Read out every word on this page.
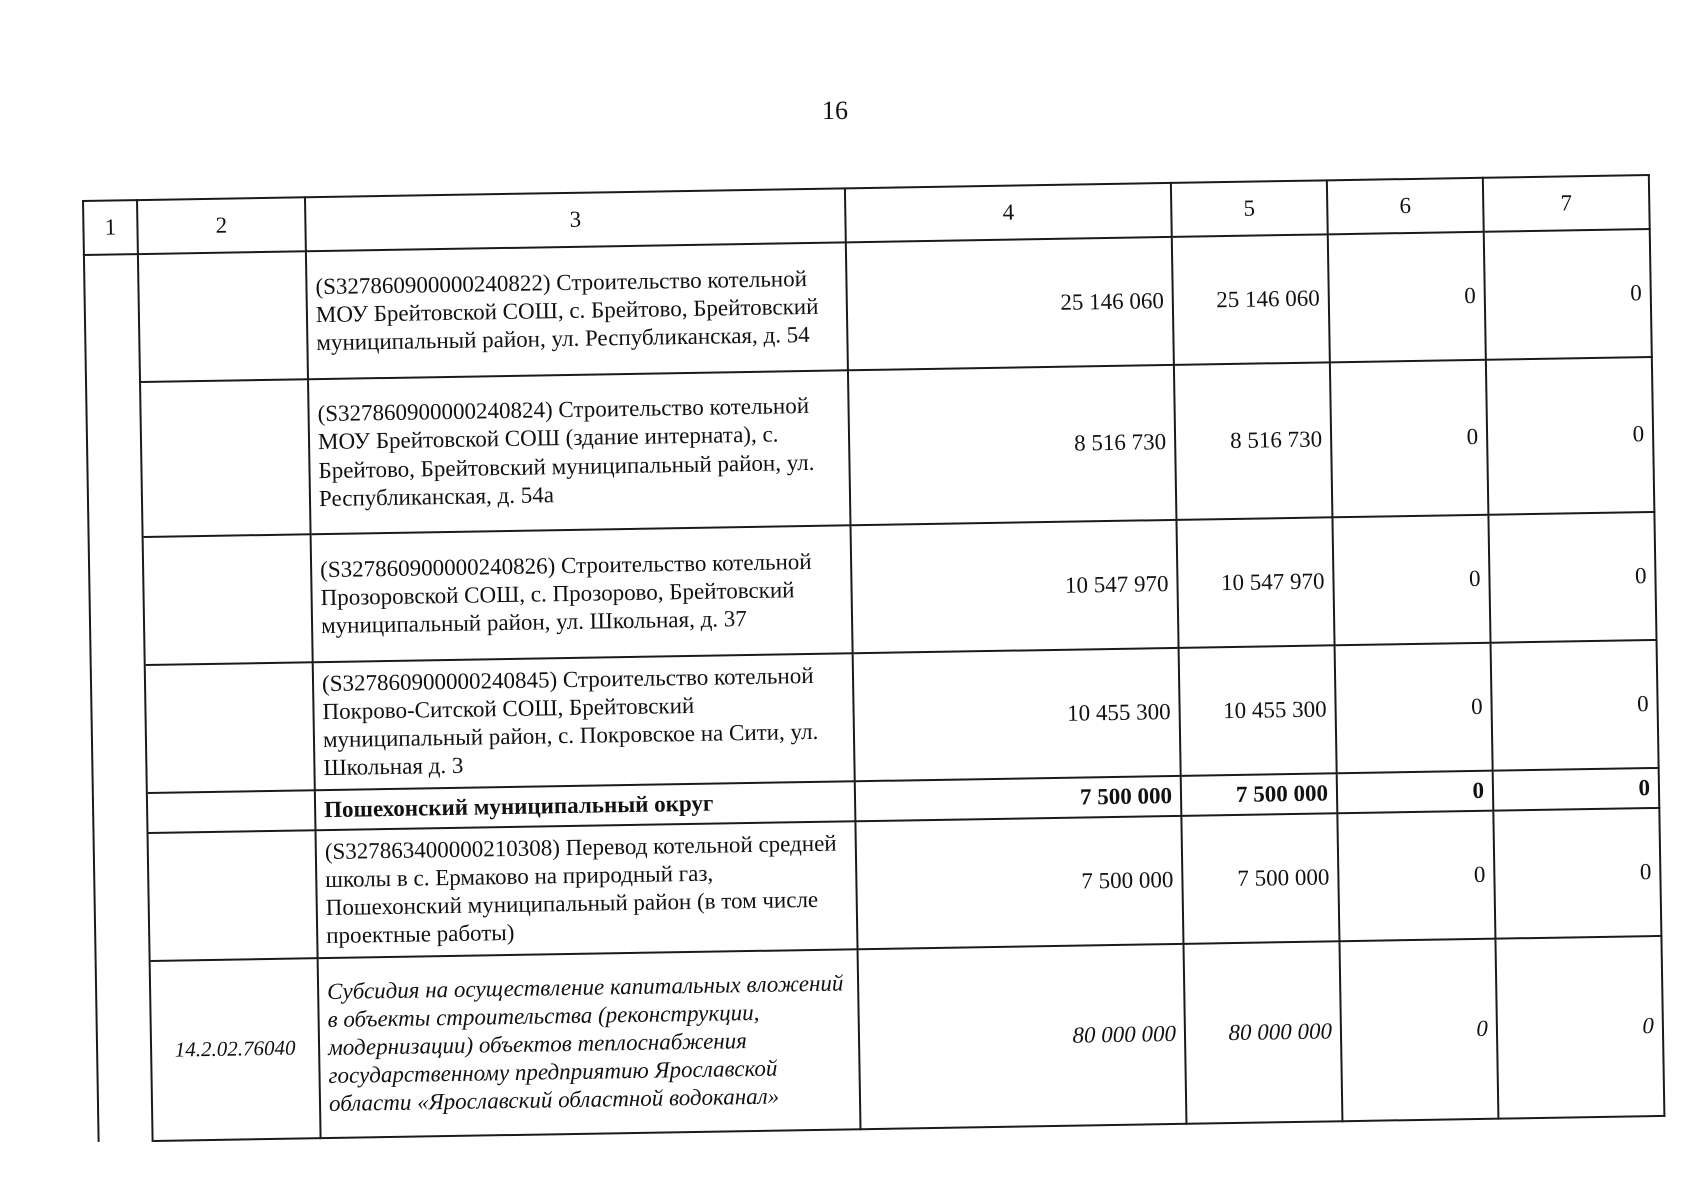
16
1	2	3	4	5	6	7
		(S327860900000240822) Строительство котельной МОУ Брейтовской СОШ, с. Брейтово, Брейтовский муниципальный район, ул. Республиканская, д. 54	25 146 060	25 146 060	0	0
		(S327860900000240824) Строительство котельной МОУ Брейтовской СОШ (здание интерната), с. Брейтово, Брейтовский муниципальный район, ул. Республиканская, д. 54а	8 516 730	8 516 730	0	0
		(S327860900000240826) Строительство котельной Прозоровской СОШ, с. Прозорово, Брейтовский муниципальный район, ул. Школьная, д. 37	10 547 970	10 547 970	0	0
		(S327860900000240845) Строительство котельной Покрово-Ситской СОШ, Брейтовский муниципальный район, с. Покровское на Сити, ул. Школьная д. 3	10 455 300	10 455 300	0	0
		Пошехонский муниципальный округ	7 500 000	7 500 000	0	0
		(S327863400000210308) Перевод котельной средней школы в с. Ермаково на природный газ, Пошехонский муниципальный район (в том числе проектные работы)	7 500 000	7 500 000	0	0
	14.2.02.76040	Субсидия на осуществление капитальных вложений в объекты строительства (реконструкции, модернизации) объектов теплоснабжения государственному предприятию Ярославской области «Ярославский областной водоканал»	80 000 000	80 000 000	0	0
